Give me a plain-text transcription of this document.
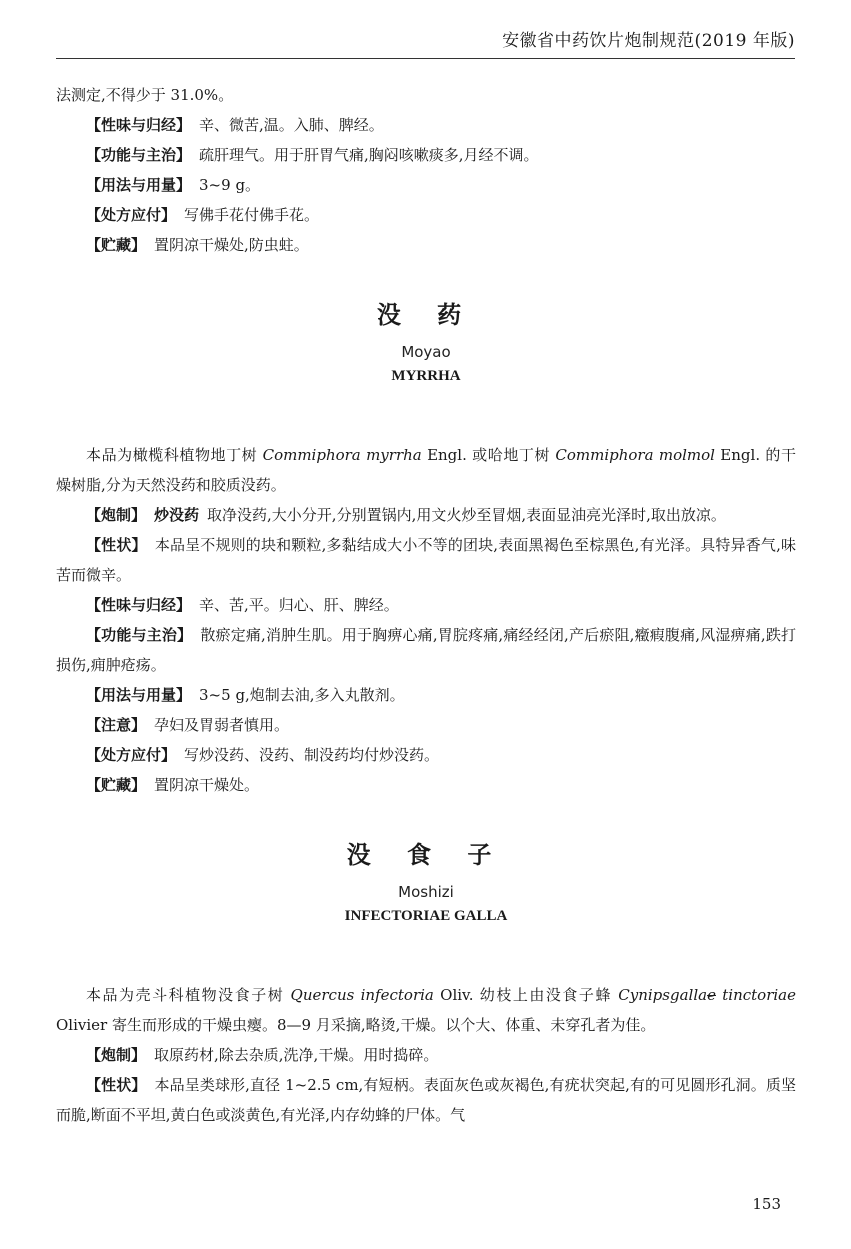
安徽省中药饮片炮制规范(2019 年版)

法测定,不得少于 31.0%。

【性味与归经】 辛、微苦,温。入肺、脾经。

【功能与主治】 疏肝理气。用于肝胃气痛,胸闷咳嗽痰多,月经不调。

【用法与用量】 3~9 g。

【处方应付】 写佛手花付佛手花。

【贮藏】 置阴凉干燥处,防虫蛀。

没 药
Moyao
MYRRHA

本品为橄榄科植物地丁树 Commiphora myrrha Engl. 或哈地丁树 Commiphora molmol Engl. 的干燥树脂,分为天然没药和胶质没药。

【炮制】 炒没药 取净没药,大小分开,分别置锅内,用文火炒至冒烟,表面显油亮光泽时,取出放凉。

【性状】 本品呈不规则的块和颗粒,多黏结成大小不等的团块,表面黑褐色至棕黑色,有光泽。具特异香气,味苦而微辛。

【性味与归经】 辛、苦,平。归心、肝、脾经。

【功能与主治】 散瘀定痛,消肿生肌。用于胸痹心痛,胃脘疼痛,痛经经闭,产后瘀阻,癥瘕腹痛,风湿痹痛,跌打损伤,痈肿疮疡。

【用法与用量】 3~5 g,炮制去油,多入丸散剂。

【注意】 孕妇及胃弱者慎用。

【处方应付】 写炒没药、没药、制没药均付炒没药。

【贮藏】 置阴凉干燥处。

没 食 子
Moshizi
INFECTORIAE GALLA

本品为壳斗科植物没食子树 Quercus infectoria Oliv. 幼枝上由没食子蜂 Cynipsgallae tinctoriae Olivier 寄生而形成的干燥虫瘿。8—9 月采摘,略烫,干燥。以个大、体重、未穿孔者为佳。

【炮制】 取原药材,除去杂质,洗净,干燥。用时捣碎。

【性状】 本品呈类球形,直径 1~2.5 cm,有短柄。表面灰色或灰褐色,有疣状突起,有的可见圆形孔洞。质坚而脆,断面不平坦,黄白色或淡黄色,有光泽,内存幼蜂的尸体。气

153
